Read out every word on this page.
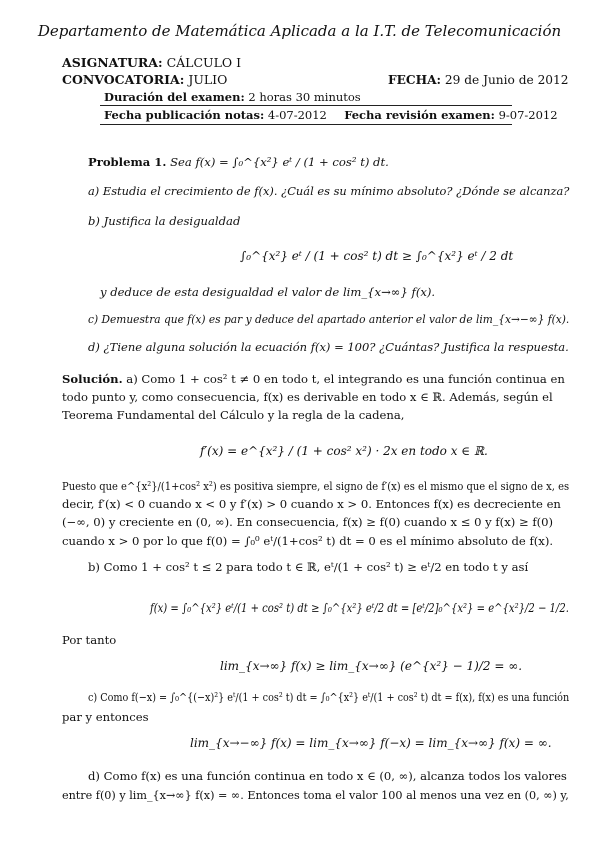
Departamento de Matemática Aplicada a la I.T. de Telecomunicación
ASIGNATURA: CÁLCULO I
CONVOCATORIA: JULIO	FECHA: 29 de Junio de 2012
Duración del examen: 2 horas 30 minutos
Fecha publicación notas: 4-07-2012 Fecha revisión examen: 9-07-2012
Problema 1. Sea f(x) = ∫₀^{x²} eᵗ / (1 + cos² t) dt.
a) Estudia el crecimiento de f(x). ¿Cuál es su mínimo absoluto? ¿Dónde se alcanza?
b) Justifica la desigualdad
∫₀^{x²} eᵗ / (1 + cos² t) dt ≥ ∫₀^{x²} eᵗ / 2 dt
y deduce de esta desigualdad el valor de lim_{x→∞} f(x).
c) Demuestra que f(x) es par y deduce del apartado anterior el valor de lim_{x→−∞} f(x).
d) ¿Tiene alguna solución la ecuación f(x) = 100? ¿Cuántas? Justifica la respuesta.
Solución. a) Como 1 + cos² t ≠ 0 en todo t, el integrando es una función continua en
todo punto y, como consecuencia, f(x) es derivable en todo x ∈ ℝ. Además, según el
Teorema Fundamental del Cálculo y la regla de la cadena,
f′(x) = e^{x²} / (1 + cos² x²) · 2x en todo x ∈ ℝ.
Puesto que e^{x²}/(1+cos² x²) es positiva siempre, el signo de f′(x) es el mismo que el signo de x, es
decir, f′(x) < 0 cuando x < 0 y f′(x) > 0 cuando x > 0. Entonces f(x) es decreciente en
(−∞, 0) y creciente en (0, ∞). En consecuencia, f(x) ≥ f(0) cuando x ≤ 0 y f(x) ≥ f(0)
cuando x > 0 por lo que f(0) = ∫₀⁰ eᵗ/(1+cos² t) dt = 0 es el mínimo absoluto de f(x).
b) Como 1 + cos² t ≤ 2 para todo t ∈ ℝ, eᵗ/(1 + cos² t) ≥ eᵗ/2 en todo t y así
f(x) = ∫₀^{x²} eᵗ/(1 + cos² t) dt ≥ ∫₀^{x²} eᵗ/2 dt = [eᵗ/2]₀^{x²} = e^{x²}/2 − 1/2.
Por tanto
lim_{x→∞} f(x) ≥ lim_{x→∞} (e^{x²} − 1)/2 = ∞.
c) Como f(−x) = ∫₀^{(−x)²} eᵗ/(1 + cos² t) dt = ∫₀^{x²} eᵗ/(1 + cos² t) dt = f(x), f(x) es una función
par y entonces
lim_{x→−∞} f(x) = lim_{x→∞} f(−x) = lim_{x→∞} f(x) = ∞.
d) Como f(x) es una función continua en todo x ∈ (0, ∞), alcanza todos los valores
entre f(0) y lim_{x→∞} f(x) = ∞. Entonces toma el valor 100 al menos una vez en (0, ∞) y,
